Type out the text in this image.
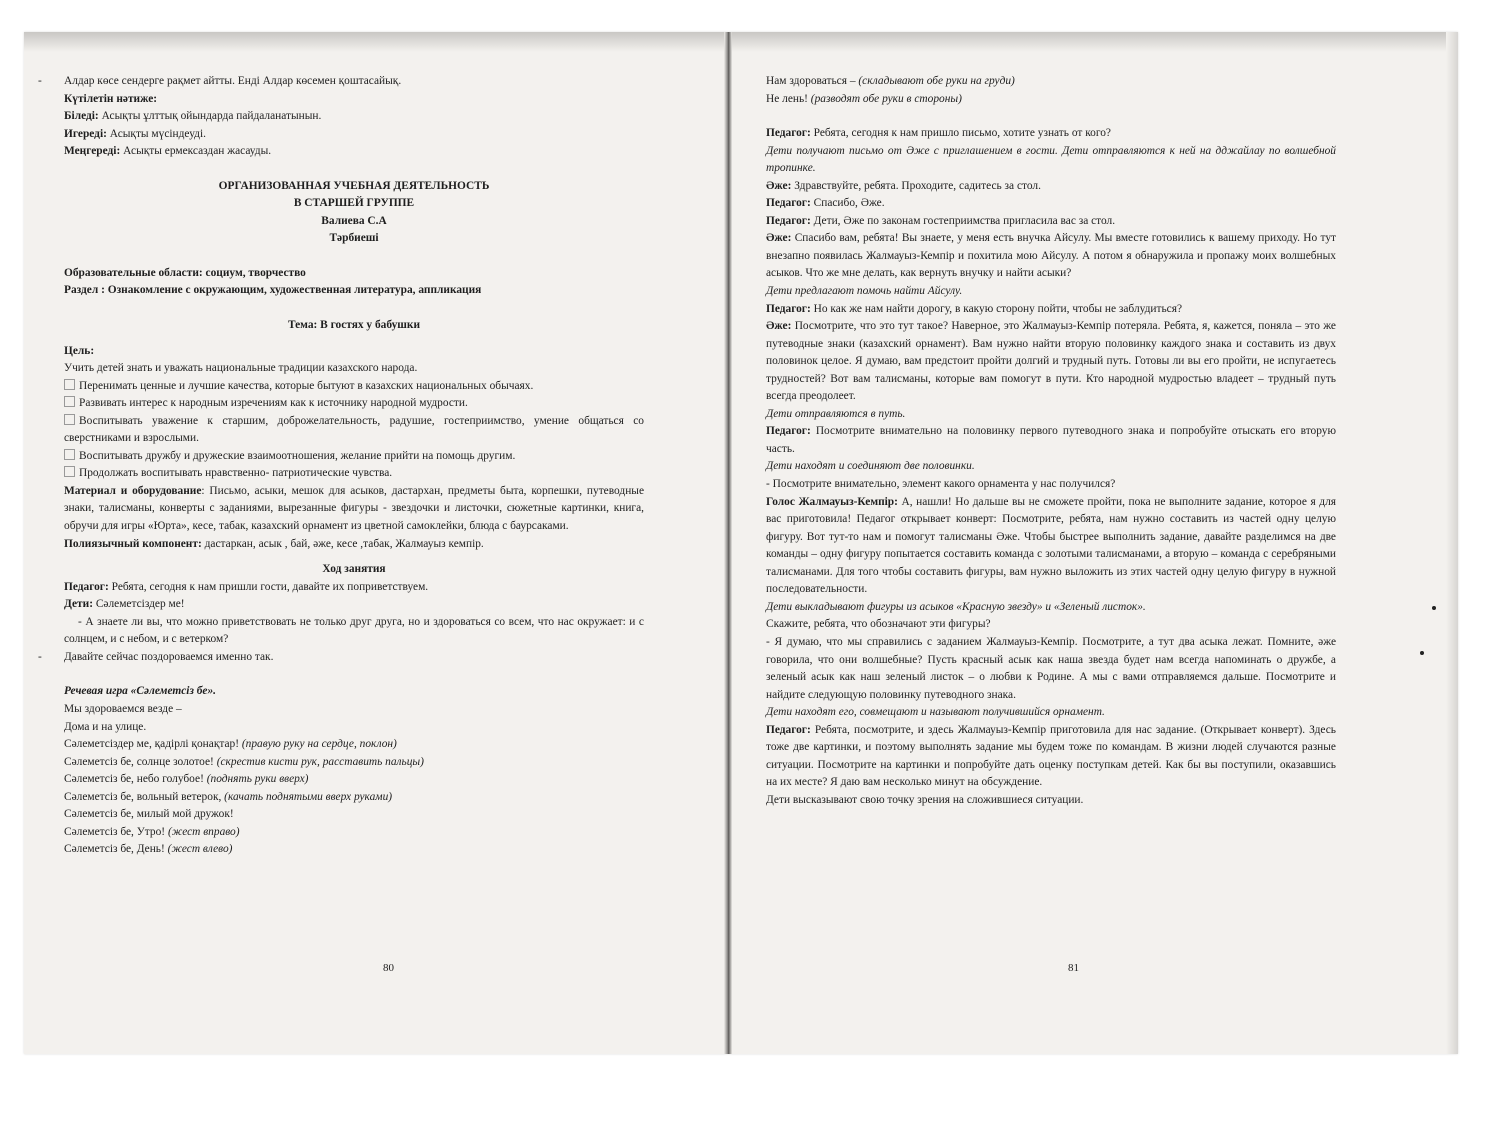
- Алдар көсе сендерге рақмет айтты. Енді Алдар көсемен қоштасайық.

Күтілетін нәтиже:

Біледі: Асықты ұлттық ойындарда пайдаланатынын.

Игереді: Асықты мүсіндеуді.

Меңгереді: Асықты ермексаздан жасауды.

ОРГАНИЗОВАННАЯ УЧЕБНАЯ ДЕЯТЕЛЬНОСТЬ

В СТАРШЕЙ ГРУППЕ

Валиева С.А

Тәрбиеші

Образовательные области: социум, творчество

Раздел : Ознакомление с окружающим, художественная литература, аппликация

Тема: В гостях у бабушки

Цель:

Учить детей знать и уважать национальные традиции казахского народа.

Перенимать ценные и лучшие качества, которые бытуют в казахских национальных обычаях.

Развивать интерес к народным изречениям как к источнику народной мудрости.

Воспитывать уважение к старшим, доброжелательность, радушие, гостеприимство, умение общаться со сверстниками и взрослыми.

Воспитывать дружбу и дружеские взаимоотношения, желание прийти на помощь другим.

Продолжать воспитывать нравственно- патриотические чувства.

Материал и оборудование: Письмо, асыки, мешок для асыков, дастархан, предметы быта, корпешки, путеводные знаки, талисманы, конверты с заданиями, вырезанные фигуры - звездочки и листочки, сюжетные картинки, книга, обручи для игры «Юрта», кесе, табак, казахский орнамент из цветной самоклейки, блюда с баурсаками.

Полиязычный компонент: дастаркан, асык , бай, әже, кесе ,табак, Жалмауыз кемпір.

Ход занятия

Педагог: Ребята, сегодня к нам пришли гости, давайте их поприветствуем.

Дети: Сәлеметсіздер ме!

- А знаете ли вы, что можно приветствовать не только друг друга, но и здороваться со всем, что нас окружает: и с солнцем, и с небом, и с ветерком?

- Давайте сейчас поздороваемся именно так.

Речевая игра «Сәлеметсіз бе».

Мы здороваемся везде –

Дома и на улице.

Сәлеметсіздер ме, қадірлі қонақтар! (правую руку на сердце, поклон)

Сәлеметсіз бе, солнце золотое! (скрестив кисти рук, расставить пальцы)

Сәлеметсіз бе, небо голубое! (поднять руки вверх)

Сәлеметсіз бе, вольный ветерок, (качать поднятыми вверх руками)

Сәлеметсіз бе, милый мой дружок!

Сәлеметсіз бе, Утро! (жест вправо)

Сәлеметсіз бе, День! (жест влево)

80

Нам здороваться – (складывают обе руки на груди)

Не лень! (разводят обе руки в стороны)

Педагог: Ребята, сегодня к нам пришло письмо, хотите узнать от кого?

Дети получают письмо от Әже с приглашением в гости. Дети отправляются к ней на дджайлау по волшебной тропинке.

Әже: Здравствуйте, ребята. Проходите, садитесь за стол.

Педагог: Спасибо, Әже.

Педагог: Дети, Әже по законам гостеприимства пригласила вас за стол.

Әже: Спасибо вам, ребята! Вы знаете, у меня есть внучка Айсулу. Мы вместе готовились к вашему приходу. Но тут внезапно появилась Жалмауыз-Кемпір и похитила мою Айсулу. А потом я обнаружила и пропажу моих волшебных асыков. Что же мне делать, как вернуть внучку и найти асыки?

Дети предлагают помочь найти Айсулу.

Педагог: Но как же нам найти дорогу, в какую сторону пойти, чтобы не заблудиться?

Әже: Посмотрите, что это тут такое? Наверное, это Жалмауыз-Кемпір потеряла. Ребята, я, кажется, поняла – это же путеводные знаки (казахский орнамент). Вам нужно найти вторую половинку каждого знака и составить из двух половинок целое. Я думаю, вам предстоит пройти долгий и трудный путь. Готовы ли вы его пройти, не испугаетесь трудностей? Вот вам талисманы, которые вам помогут в пути. Кто народной мудростью владеет – трудный путь всегда преодолеет.

Дети отправляются в путь.

Педагог: Посмотрите внимательно на половинку первого путеводного знака и попробуйте отыскать его вторую часть.

Дети находят и соединяют две половинки.

- Посмотрите внимательно, элемент какого орнамента у нас получился?

Голос Жалмауыз-Кемпір: А, нашли! Но дальше вы не сможете пройти, пока не выполните задание, которое я для вас приготовила! Педагог открывает конверт: Посмотрите, ребята, нам нужно составить из частей одну целую фигуру. Вот тут-то нам и помогут талисманы Әже. Чтобы быстрее выполнить задание, давайте разделимся на две команды – одну фигуру попытается составить команда с золотыми талисманами, а вторую – команда с серебряными талисманами. Для того чтобы составить фигуры, вам нужно выложить из этих частей одну целую фигуру в нужной последовательности.

Дети выкладывают фигуры из асыков «Красную звезду» и «Зеленый листок».

Скажите, ребята, что обозначают эти фигуры?

- Я думаю, что мы справились с заданием Жалмауыз-Кемпір. Посмотрите, а тут два асыка лежат. Помните, әже говорила, что они волшебные? Пусть красный асык как наша звезда будет нам всегда напоминать о дружбе, а зеленый асык как наш зеленый листок – о любви к Родине. А мы с вами отправляемся дальше. Посмотрите и найдите следующую половинку путеводного знака.

Дети находят его, совмещают и называют получившийся орнамент.

Педагог: Ребята, посмотрите, и здесь Жалмауыз-Кемпір приготовила для нас задание. (Открывает конверт). Здесь тоже две картинки, и поэтому выполнять задание мы будем тоже по командам. В жизни людей случаются разные ситуации. Посмотрите на картинки и попробуйте дать оценку поступкам детей. Как бы вы поступили, оказавшись на их месте? Я даю вам несколько минут на обсуждение.

Дети высказывают свою точку зрения на сложившиеся ситуации.

81
